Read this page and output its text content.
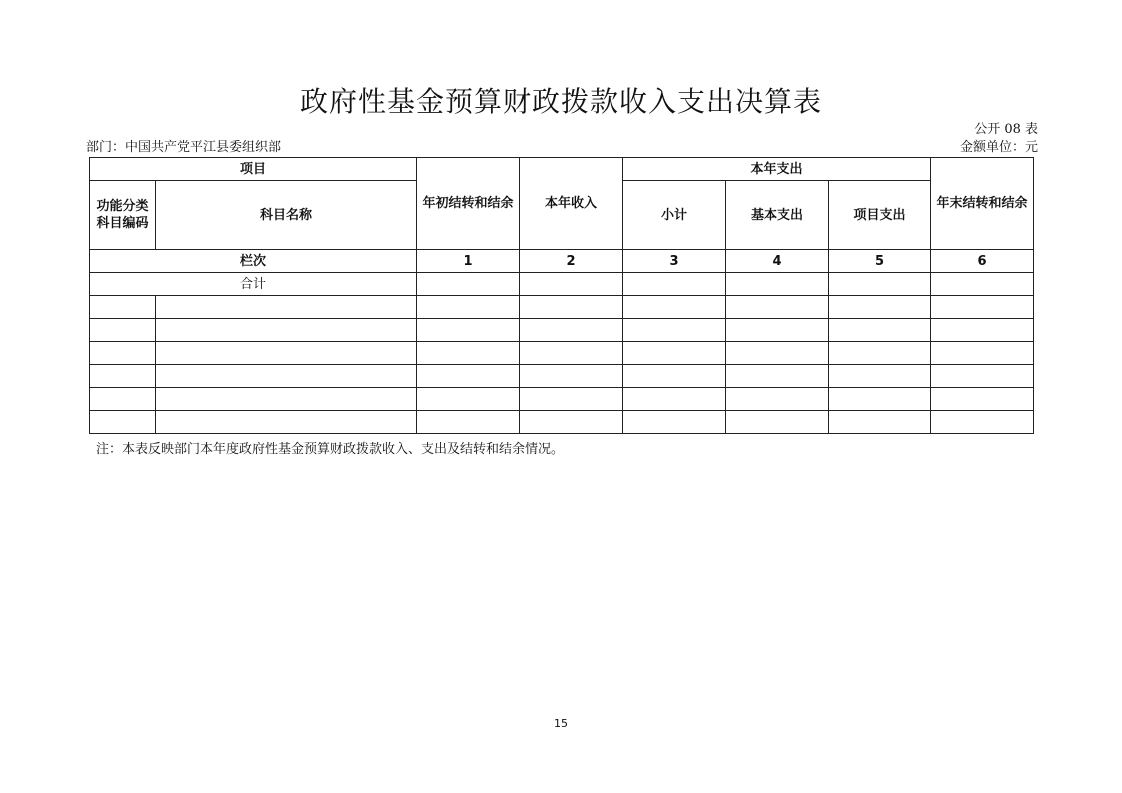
政府性基金预算财政拨款收入支出决算表
公开 08 表
部门：中国共产党平江县委组织部	金额单位：元
项目		年初结转和结余	本年收入	本年支出			年末结转和结余
功能分类科目编码	科目名称			小计	基本支出	项目支出	
栏次		1	2	3	4	5	6
合计							

注：本表反映部门本年度政府性基金预算财政拨款收入、支出及结转和结余情况。
15
